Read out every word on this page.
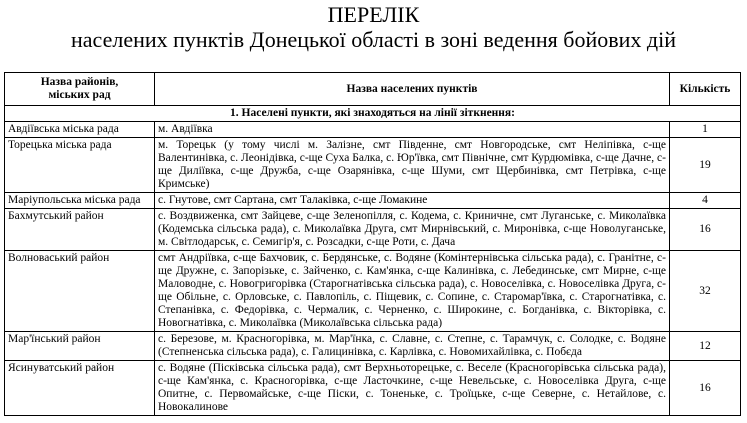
ПЕРЕЛІК
населених пунктів Донецької області в зоні ведення бойових дій
Назва районів,
міських рад	Назва населених пунктів	Кількість
1. Населені пункти, які знаходяться на лінії зіткнення:		
Авдіївська міська рада	м. Авдіївка	1
Торецька міська рада	м. Торецьк (у тому числі м. Залізне, смт Південне, смт Новгородське, смт Неліпівка, с-ще Валентинівка, с. Леонідівка, с-ще Суха Балка, с. Юр'ївка, смт Північне, смт Курдюмівка, с-ще Дачне, с-ще Диліївка, с-ще Дружба, с-ще Озарянівка, с-ще Шуми, смт Щербинівка, смт Петрівка, с-ще Кримське)	19
Маріупольська міська рада	с. Гнутове, смт Сартана, смт Талаківка, с-ще Ломакине	4
Бахмутський район	с. Воздвиженка, смт Зайцеве, с-ще Зеленопілля, с. Кодема, с. Криничне, смт Луганське, с. Миколаївка (Кодемська сільська рада), с. Миколаївка Друга, смт Мирнівський, с. Миронівка, с-ще Новолуганське, м. Світлодарськ, с. Семигір'я, с. Розсадки, с-ще Роти, с. Дача	16
Волноваський район	смт Андріївка, с-ще Бахчовик, с. Бердянське, с. Водяне (Комінтернівська сільська рада), с. Гранітне, с-ще Дружне, с. Запорізьке, с. Зайченко, с. Кам'янка, с-ще Калинівка, с. Лебединське, смт Мирне, с-ще Маловодне, с. Новогригорівка (Старогнатівська сільська рада), с. Новоселівка, с. Новоселівка Друга, с-ще Обільне, с. Орловське, с. Павлопіль, с. Піщевик, с. Сопине, с. Старомар'ївка, с. Старогнатівка, с. Степанівка, с. Федорівка, с. Чермалик, с. Черненко, с. Широкине, с. Богданівка, с. Вікторівка, с. Новогнатівка, с. Миколаївка (Миколаївська сільська рада)	32
Мар'їнський район	с. Березове, м. Красногорівка, м. Мар'їнка, с. Славне, с. Степне, с. Тарамчук, с. Солодке, с. Водяне (Степненська сільська рада), с. Галицинівка, с. Карлівка, с. Новомихайлівка, с. Побєда	12
Ясинуватський район	с. Водяне (Пісківська сільська рада), смт Верхньоторецьке, с. Веселе (Красногорівська сільська рада), с-ще Кам'янка, с. Красногорівка, с-ще Ласточкине, с-ще Невельське, с. Новоселівка Друга, с-ще Опитне, с. Первомайське, с-ще Піски, с. Тоненьке, с. Троїцьке, с-ще Северне, с. Нетайлове, с. Новокалинове	16
